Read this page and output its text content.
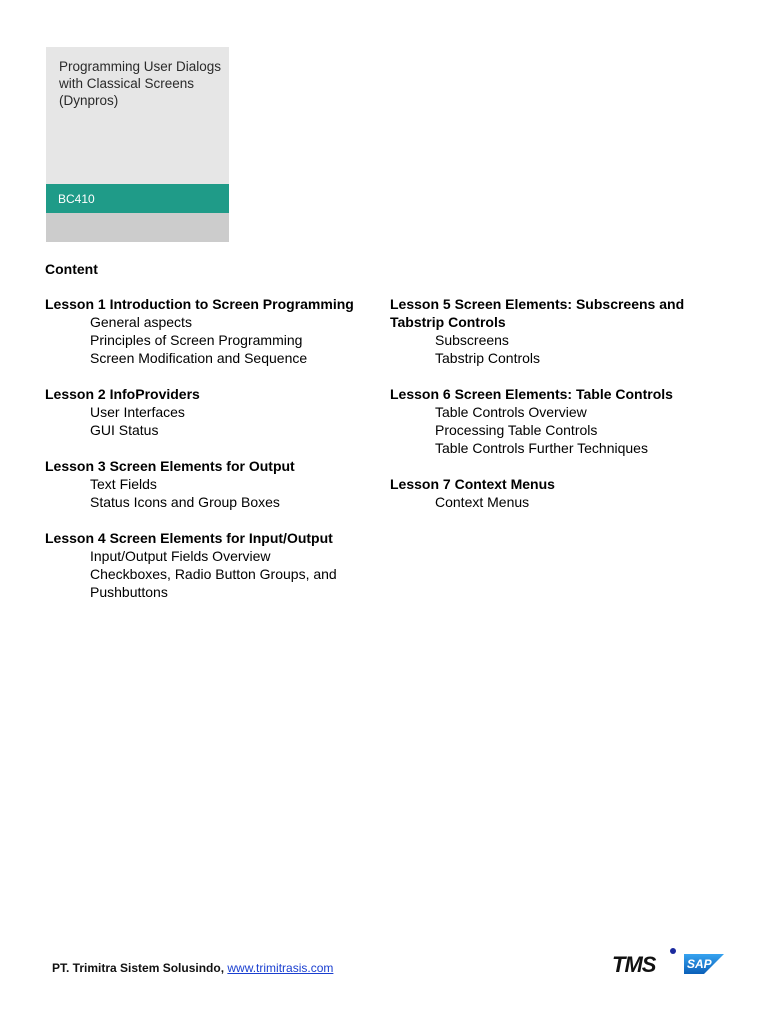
Programming User Dialogs with Classical Screens (Dynpros)
BC410
Content
Lesson 1 Introduction to Screen Programming
General aspects
Principles of Screen Programming
Screen Modification and Sequence
Lesson 2 InfoProviders
User Interfaces
GUI Status
Lesson 3 Screen Elements for Output
Text Fields
Status Icons and Group Boxes
Lesson 4 Screen Elements for Input/Output
Input/Output Fields Overview
Checkboxes, Radio Button Groups, and Pushbuttons
Lesson 5 Screen Elements: Subscreens and Tabstrip Controls
Subscreens
Tabstrip Controls
Lesson 6 Screen Elements: Table Controls
Table Controls Overview
Processing Table Controls
Table Controls Further Techniques
Lesson 7 Context Menus
Context Menus
PT. Trimitra Sistem Solusindo, www.trimitrasis.com	TMS	SAP
